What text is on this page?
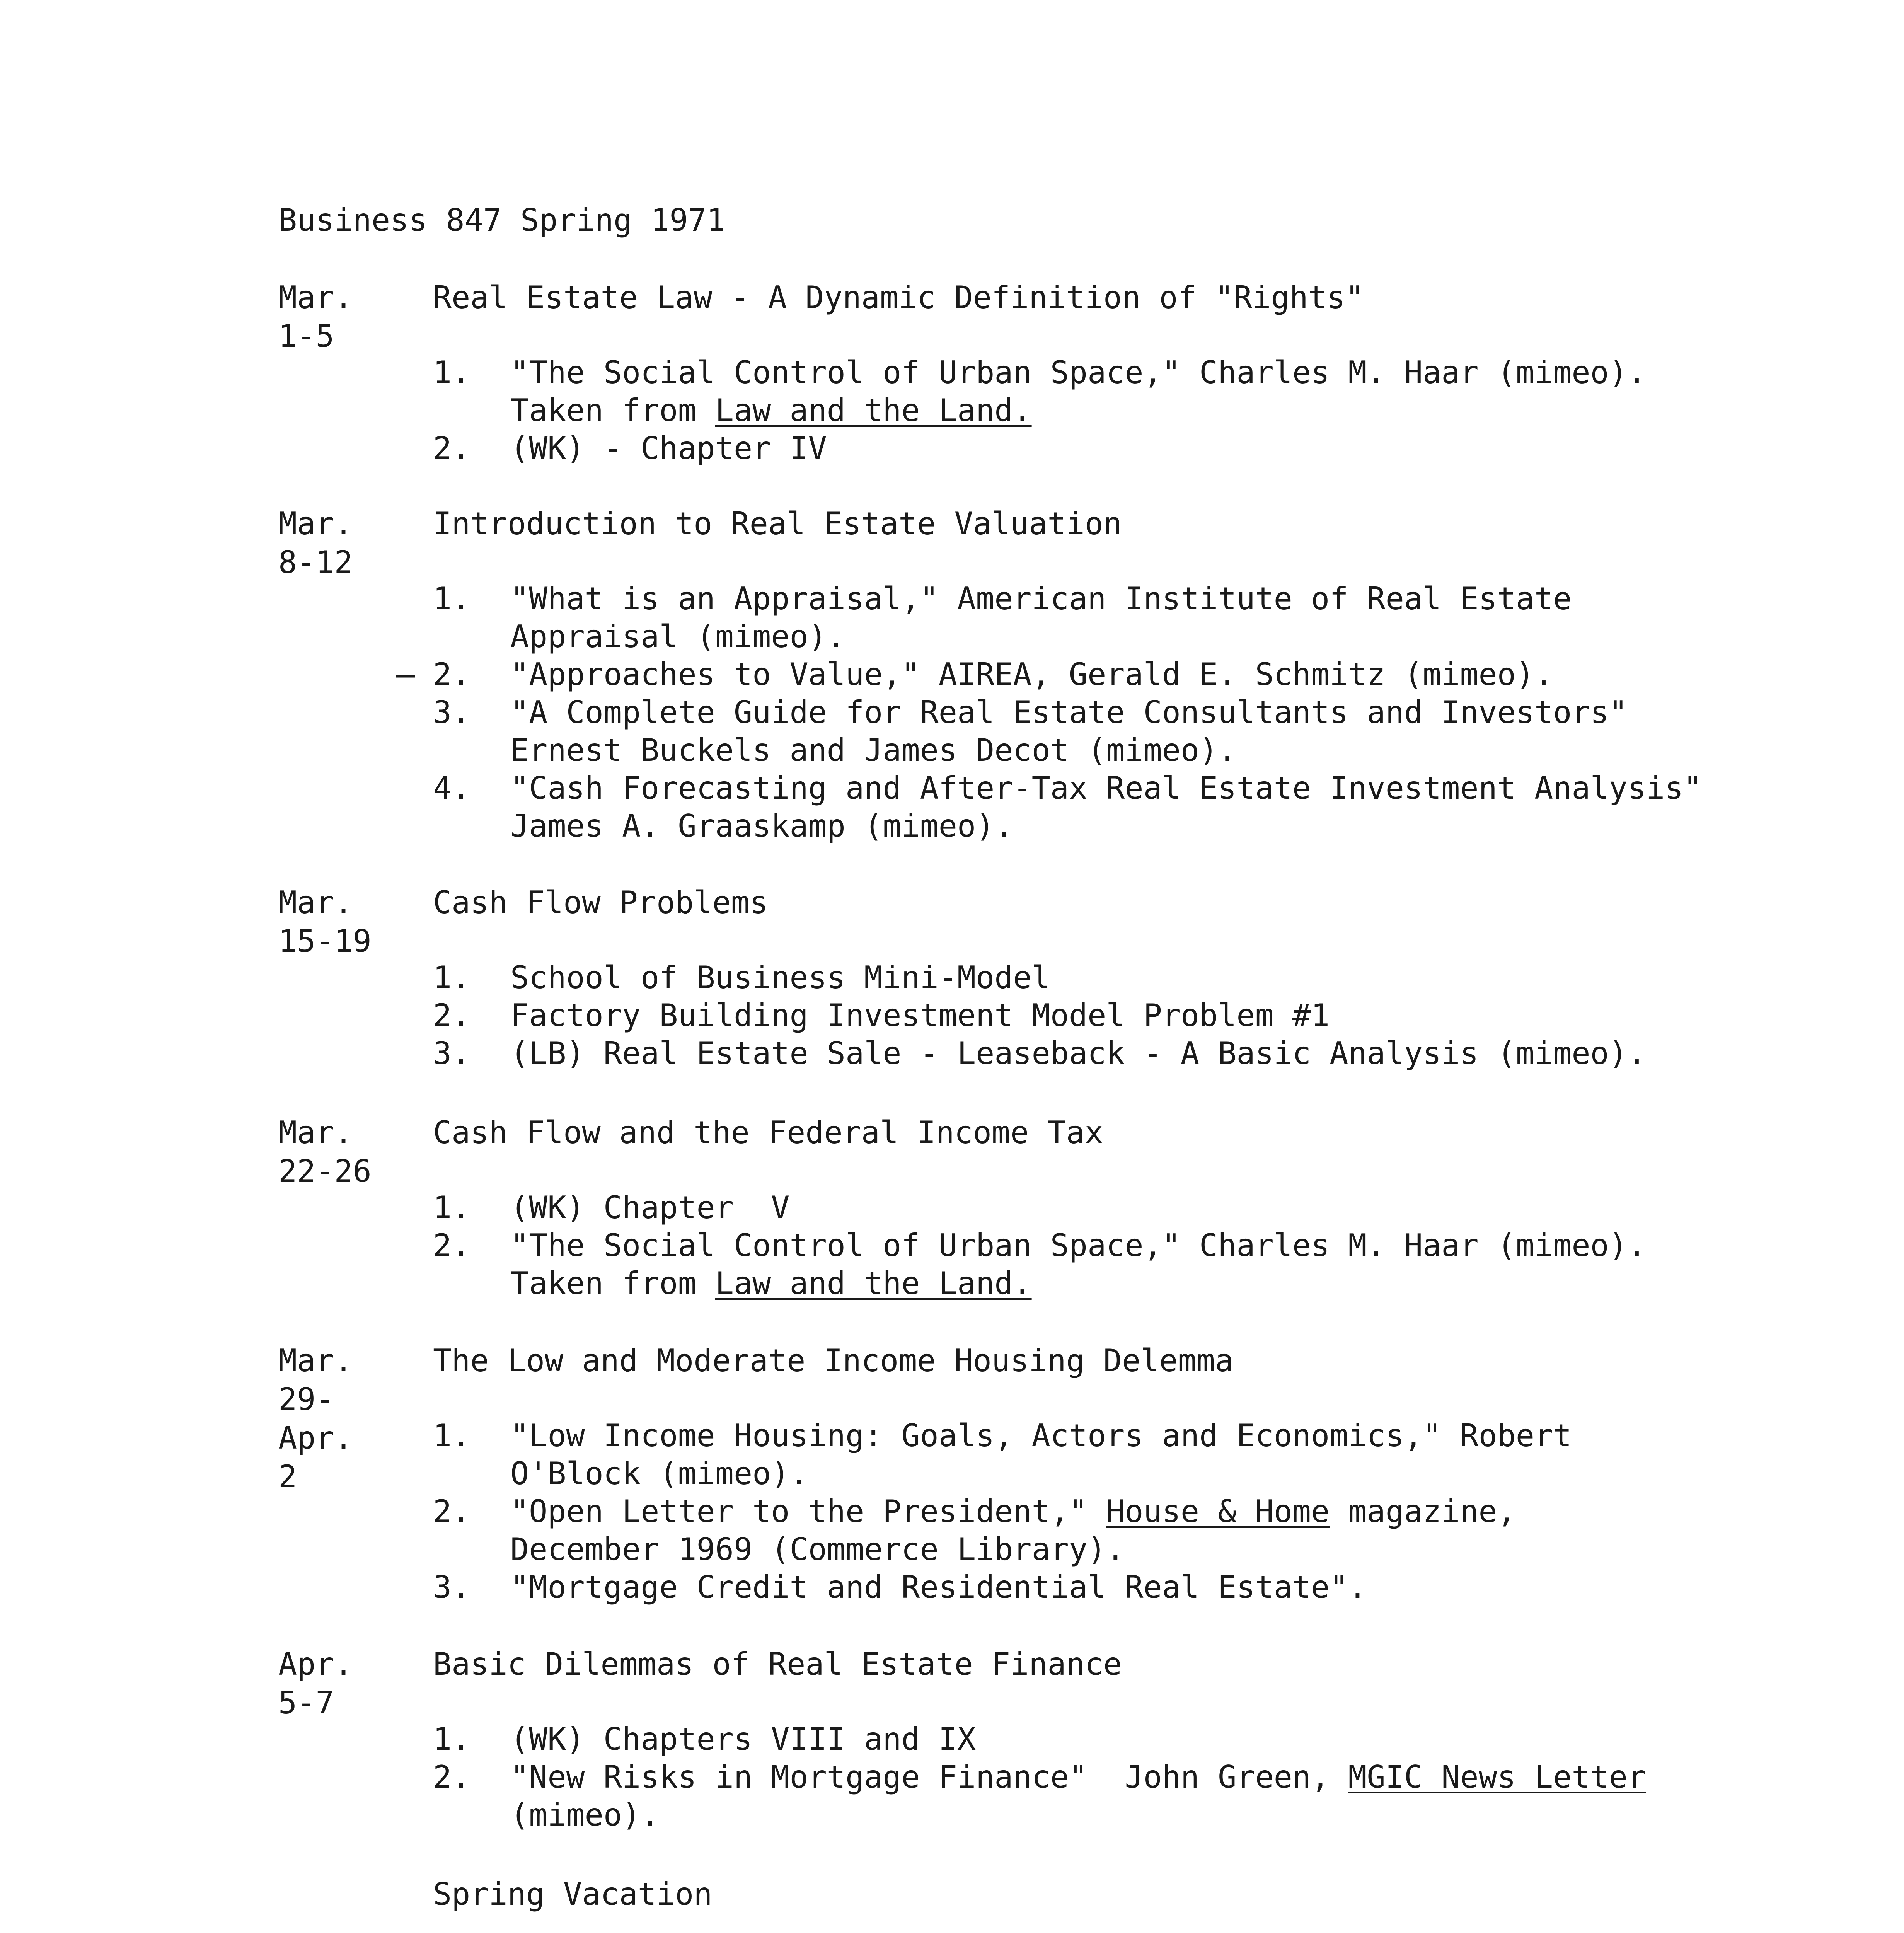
Business 847 Spring 1971
Mar.
1-5
Real Estate Law - A Dynamic Definition of "Rights"
1. "The Social Control of Urban Space," Charles M. Haar (mimeo).
Taken from Law and the Land.
2. (WK) - Chapter IV
Mar.
8-12
Introduction to Real Estate Valuation
1. "What is an Appraisal," American Institute of Real Estate
Appraisal (mimeo).
— 2. "Approaches to Value," AIREA, Gerald E. Schmitz (mimeo).
3. "A Complete Guide for Real Estate Consultants and Investors"
Ernest Buckels and James Decot (mimeo).
4. "Cash Forecasting and After-Tax Real Estate Investment Analysis"
James A. Graaskamp (mimeo).
Mar.
15-19
Cash Flow Problems
1. School of Business Mini-Model
2. Factory Building Investment Model Problem #1
3. (LB) Real Estate Sale - Leaseback - A Basic Analysis (mimeo).
Mar.
22-26
Cash Flow and the Federal Income Tax
1. (WK) Chapter  V
2. "The Social Control of Urban Space," Charles M. Haar (mimeo).
Taken from Law and the Land.
Mar.
29-
Apr.
2
The Low and Moderate Income Housing Delemma
1. "Low Income Housing: Goals, Actors and Economics," Robert
O'Block (mimeo).
2. "Open Letter to the President," House & Home magazine,
December 1969 (Commerce Library).
3. "Mortgage Credit and Residential Real Estate".
Apr.
5-7
Basic Dilemmas of Real Estate Finance
1. (WK) Chapters VIII and IX
2. "New Risks in Mortgage Finance"  John Green, MGIC News Letter
(mimeo).
Spring Vacation
